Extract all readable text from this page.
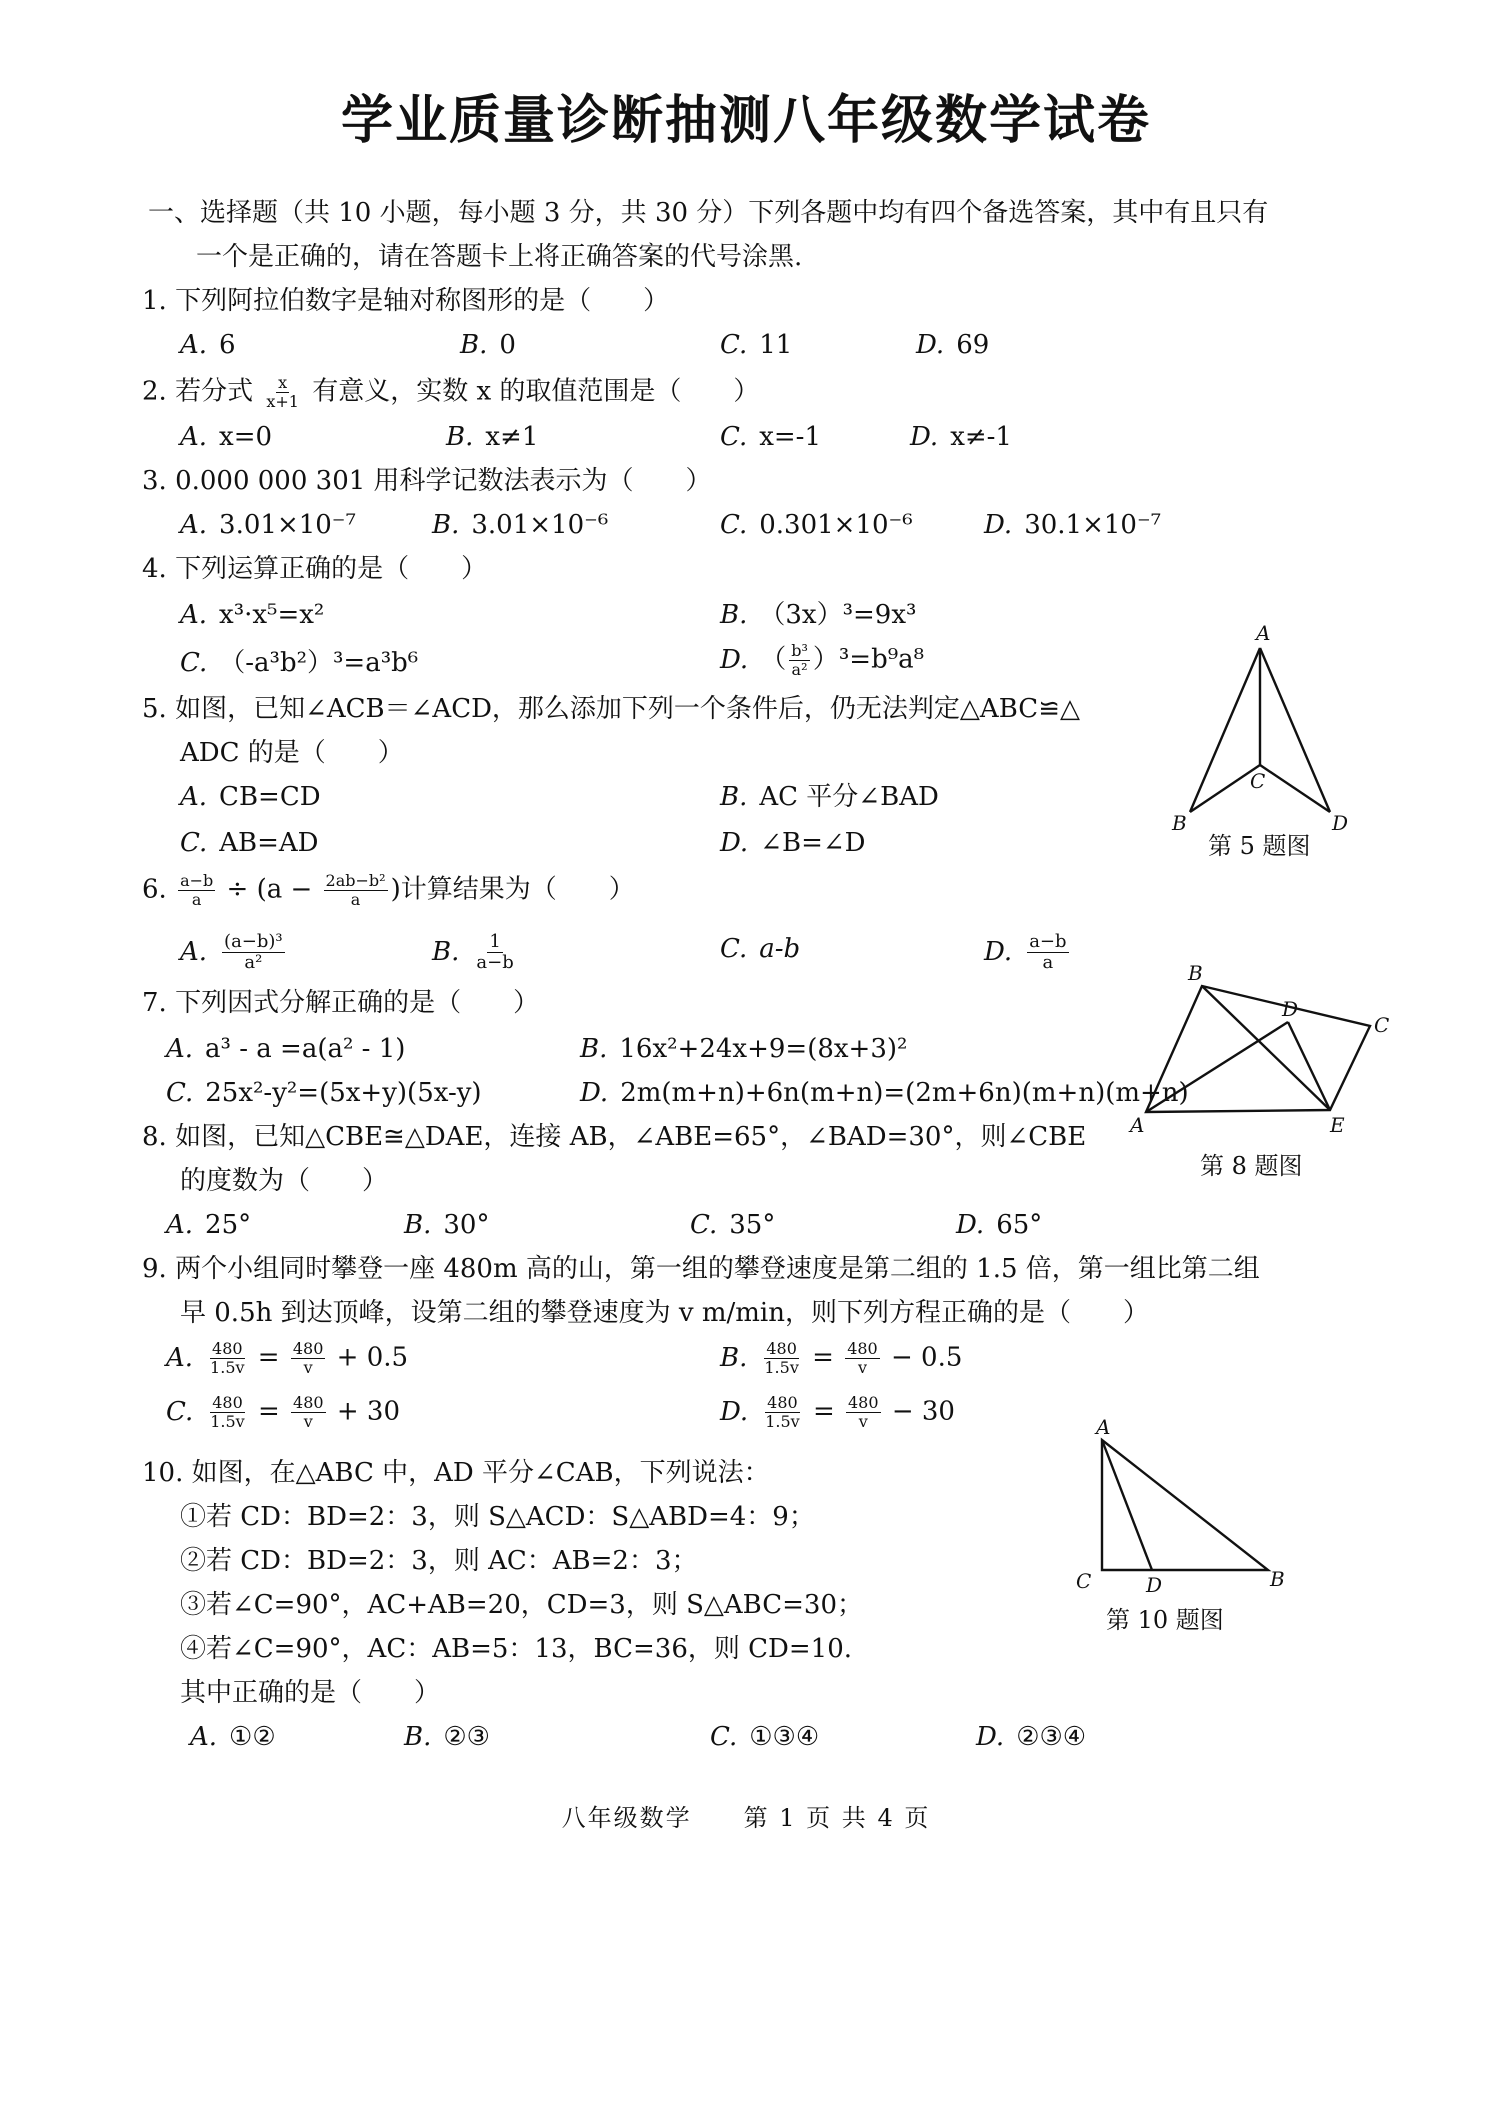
学业质量诊断抽测八年级数学试卷
一、选择题（共 10 小题，每小题 3 分，共 30 分）下列各题中均有四个备选答案，其中有且只有
一个是正确的，请在答题卡上将正确答案的代号涂黑.
1. 下列阿拉伯数字是轴对称图形的是（　　）
A. 6	B. 0	C. 11	D. 69
2. 若分式 $\frac{x}{x+1}$ 有意义，实数 x 的取值范围是（　　）
A. x=0	B. x≠1	C. x=-1	D. x≠-1
3. 0.000 000 301 用科学记数法表示为（　　）
A. 3.01×10⁻⁷	B. 3.01×10⁻⁶	C. 0.301×10⁻⁶	D. 30.1×10⁻⁷
4. 下列运算正确的是（　　）
A. x³·x⁵=x²	B. （3x）³=9x³
C. （-a³b²）³=a³b⁶	D. （ $\frac{\text{b³}}{\text{a²}} )^3=b^9a^8$
5. 如图，已知∠ACB＝∠ACD，那么添加下列一个条件后，仍无法判定△ABC≌△
ADC 的是（　　）
A. CB=CD	B. AC 平分∠BAD
C. AB=AD	D. ∠B=∠D
A
B
C
D
第 5 题图
6. $\frac{a-b}{a} \div (a - \frac{\text{2ab−b²}}{a}$ )计算结果为（　　）
A. $\frac{\text{(a−b)³}}{\text{a²}}$	B. $\frac{1}{a-b}$	C. a-b	D. $\frac{a-b}{a}$
7. 下列因式分解正确的是（　　）
A. a³ - a =a(a² - 1)	B. 16x²+24x+9=(8x+3)²
C. 25x²-y²=(5x+y)(5x-y)	D. 2m(m+n)+6n(m+n)=(2m+6n)(m+n)(m+n)
B
D
C
A	E
8. 如图，已知△CBE≅△DAE，连接 AB，∠ABE=65°，∠BAD=30°，则∠CBE
的度数为（　　）	第 8 题图
A. 25°	B. 30°	C. 35°	D. 65°
9. 两个小组同时攀登一座 480m 高的山，第一组的攀登速度是第二组的 1.5 倍，第一组比第二组
早 0.5h 到达顶峰，设第二组的攀登速度为 v m/min，则下列方程正确的是（　　）
A. $\frac{480}{1.5v} = \frac{480}{v} + 0.5$	B. $\frac{480}{1.5v} = \frac{480}{v} - 0.5$
C. $\frac{480}{1.5v} = \frac{480}{v} + 30$	D. $\frac{480}{1.5v} = \frac{480}{v} - 30$
10. 如图，在△ABC 中，AD 平分∠CAB，下列说法：
①若 CD：BD=2：3，则 S△ACD：S△ABD=4：9；
②若 CD：BD=2：3，则 AC：AB=2：3；
③若∠C=90°，AC+AB=20，CD=3，则 S△ABC=30；
④若∠C=90°，AC：AB=5：13，BC=36，则 CD=10.
其中正确的是（　　）
A. ①②	B. ②③	C. ①③④	D. ②③④
A
C	D	B
第 10 题图
八年级数学　　第 1 页 共 4 页
